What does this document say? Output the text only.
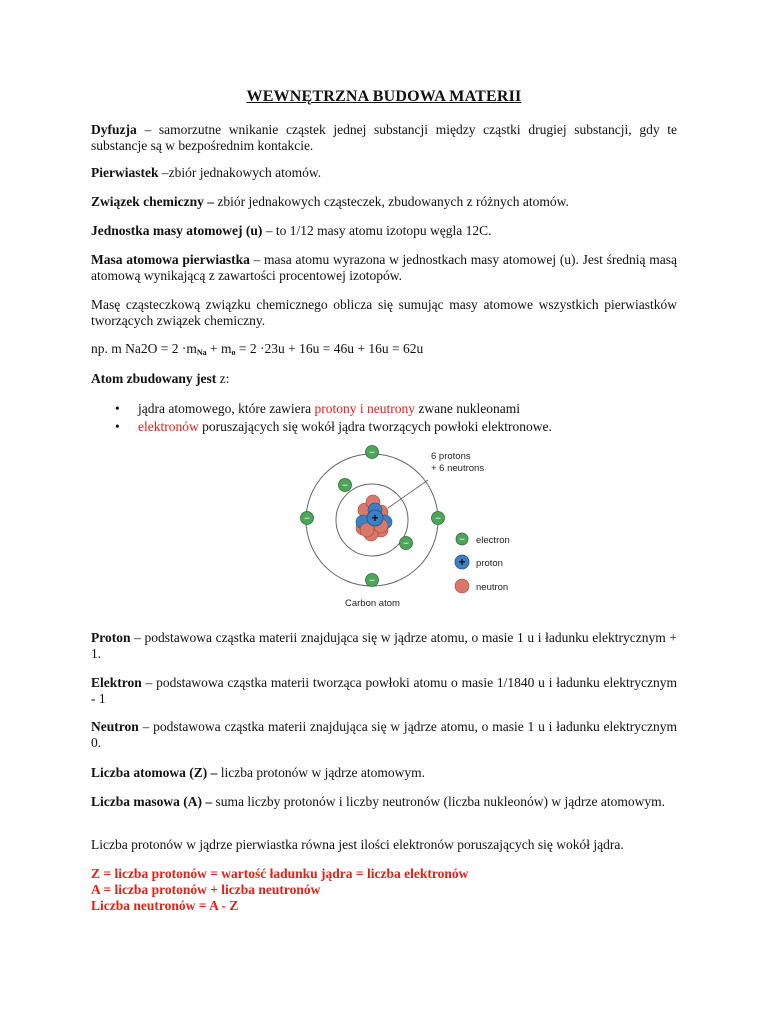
WEWNĘTRZNA BUDOWA MATERII
Dyfuzja – samorzutne wnikanie cząstek jednej substancji między cząstki drugiej substancji, gdy te substancje są w bezpośrednim kontakcie.
Pierwiastek –zbiór jednakowych atomów.
Związek chemiczny – zbiór jednakowych cząsteczek, zbudowanych z różnych atomów.
Jednostka masy atomowej (u) – to 1/12 masy atomu izotopu węgla 12C.
Masa atomowa pierwiastka – masa atomu wyrazona w jednostkach masy atomowej (u). Jest średnią masą atomową wynikającą z zawartości procentowej izotopów.
Masę cząsteczkową związku chemicznego oblicza się sumując masy atomowe wszystkich pierwiastków tworzących związek chemiczny.
np. m $Na2O = 2 \cdot m_{Na} + m_o = 2 \cdot 23u + 16u = 46u + 16u = 62u$
Atom zbudowany jest z:
• jądra atomowego, które zawiera protony i neutrony zwane nukleonami
• elektronów poruszających się wokół jądra tworzących powłoki elektronowe.
−
−
−	−
−
−
+
6 protons
+ 6 neutrons
− electron
+ proton
neutron
Carbon atom
Proton – podstawowa cząstka materii znajdująca się w jądrze atomu, o masie 1 u i ładunku elektrycznym + 1.
Elektron – podstawowa cząstka materii tworząca powłoki atomu o masie 1/1840 u i ładunku elektrycznym - 1
Neutron – podstawowa cząstka materii znajdująca się w jądrze atomu, o masie 1 u i ładunku elektrycznym 0.
Liczba atomowa (Z) – liczba protonów w jądrze atomowym.
Liczba masowa (A) – suma liczby protonów i liczby neutronów (liczba nukleonów) w jądrze atomowym.
Liczba protonów w jądrze pierwiastka równa jest ilości elektronów poruszających się wokół jądra.
Z = liczba protonów = wartość ładunku jądra = liczba elektronów
A = liczba protonów + liczba neutronów
Liczba neutronów = A - Z
